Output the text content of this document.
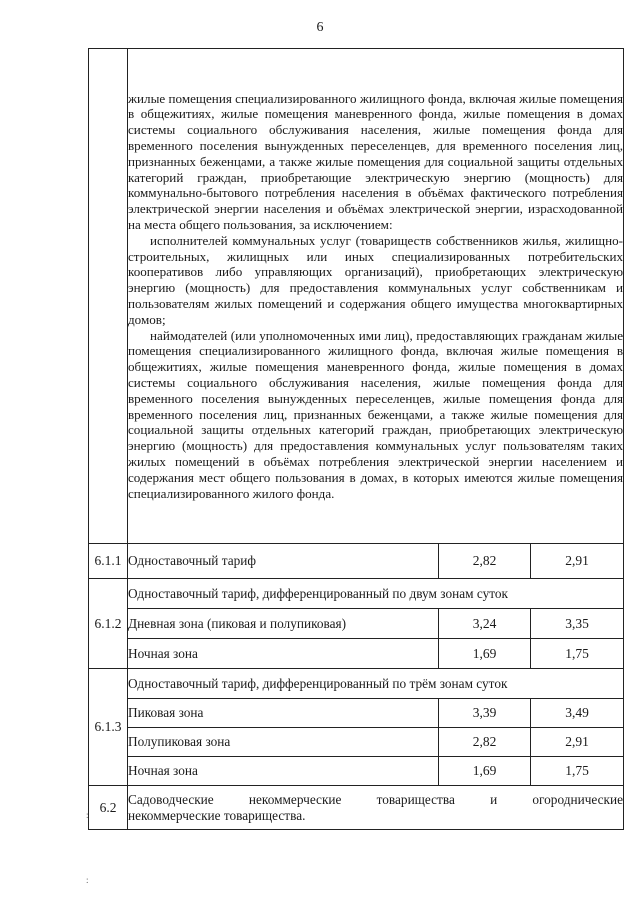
6

	жилые помещения специализированного жилищного фонда, включая жилые помещения в общежитиях, жилые помещения маневренного фонда, жилые помещения в домах системы социального обслуживания населения, жилые помещения фонда для временного поселения вынужденных переселенцев, для временного поселения лиц, признанных беженцами, а также жилые помещения для социальной защиты отдельных категорий граждан, приобретающие электрическую энергию (мощность) для коммунально-бытового потребления населения в объёмах фактического потребления электрической энергии населения и объёмах электрической энергии, израсходованной на места общего пользования, за исключением:

исполнителей коммунальных услуг (товариществ собственников жилья, жилищно-строительных, жилищных или иных специализированных потребительских кооперативов либо управляющих организаций), приобретающих электрическую энергию (мощность) для предоставления коммунальных услуг собственникам и пользователям жилых помещений и содержания общего имущества многоквартирных домов;

наймодателей (или уполномоченных ими лиц), предоставляющих гражданам жилые помещения специализированного жилищного фонда, включая жилые помещения в общежитиях, жилые помещения маневренного фонда, жилые помещения в домах системы социального обслуживания населения, жилые помещения фонда для временного поселения вынужденных переселенцев, жилые помещения фонда для временного поселения лиц, признанных беженцами, а также жилые помещения для социальной защиты отдельных категорий граждан, приобретающих электрическую энергию (мощность) для предоставления коммунальных услуг пользователям таких жилых помещений в объёмах потребления электрической энергии населением и содержания мест общего пользования в домах, в которых имеются жилые помещения специализированного жилого фонда.		

6.1.1	Одноставочный тариф	2,82	2,91
6.1.2	Одноставочный тариф, дифференцированный по двум зонам суток		
	Дневная зона (пиковая и полупиковая)	3,24	3,35
	Ночная зона	1,69	1,75
6.1.3	Одноставочный тариф, дифференцированный по трём зонам суток		
	Пиковая зона	3,39	3,49
	Полупиковая зона	2,82	2,91
	Ночная зона	1,69	1,75
6.2	Садоводческие некоммерческие товарищества и огороднические
некоммерческие товарищества.		
:
:
